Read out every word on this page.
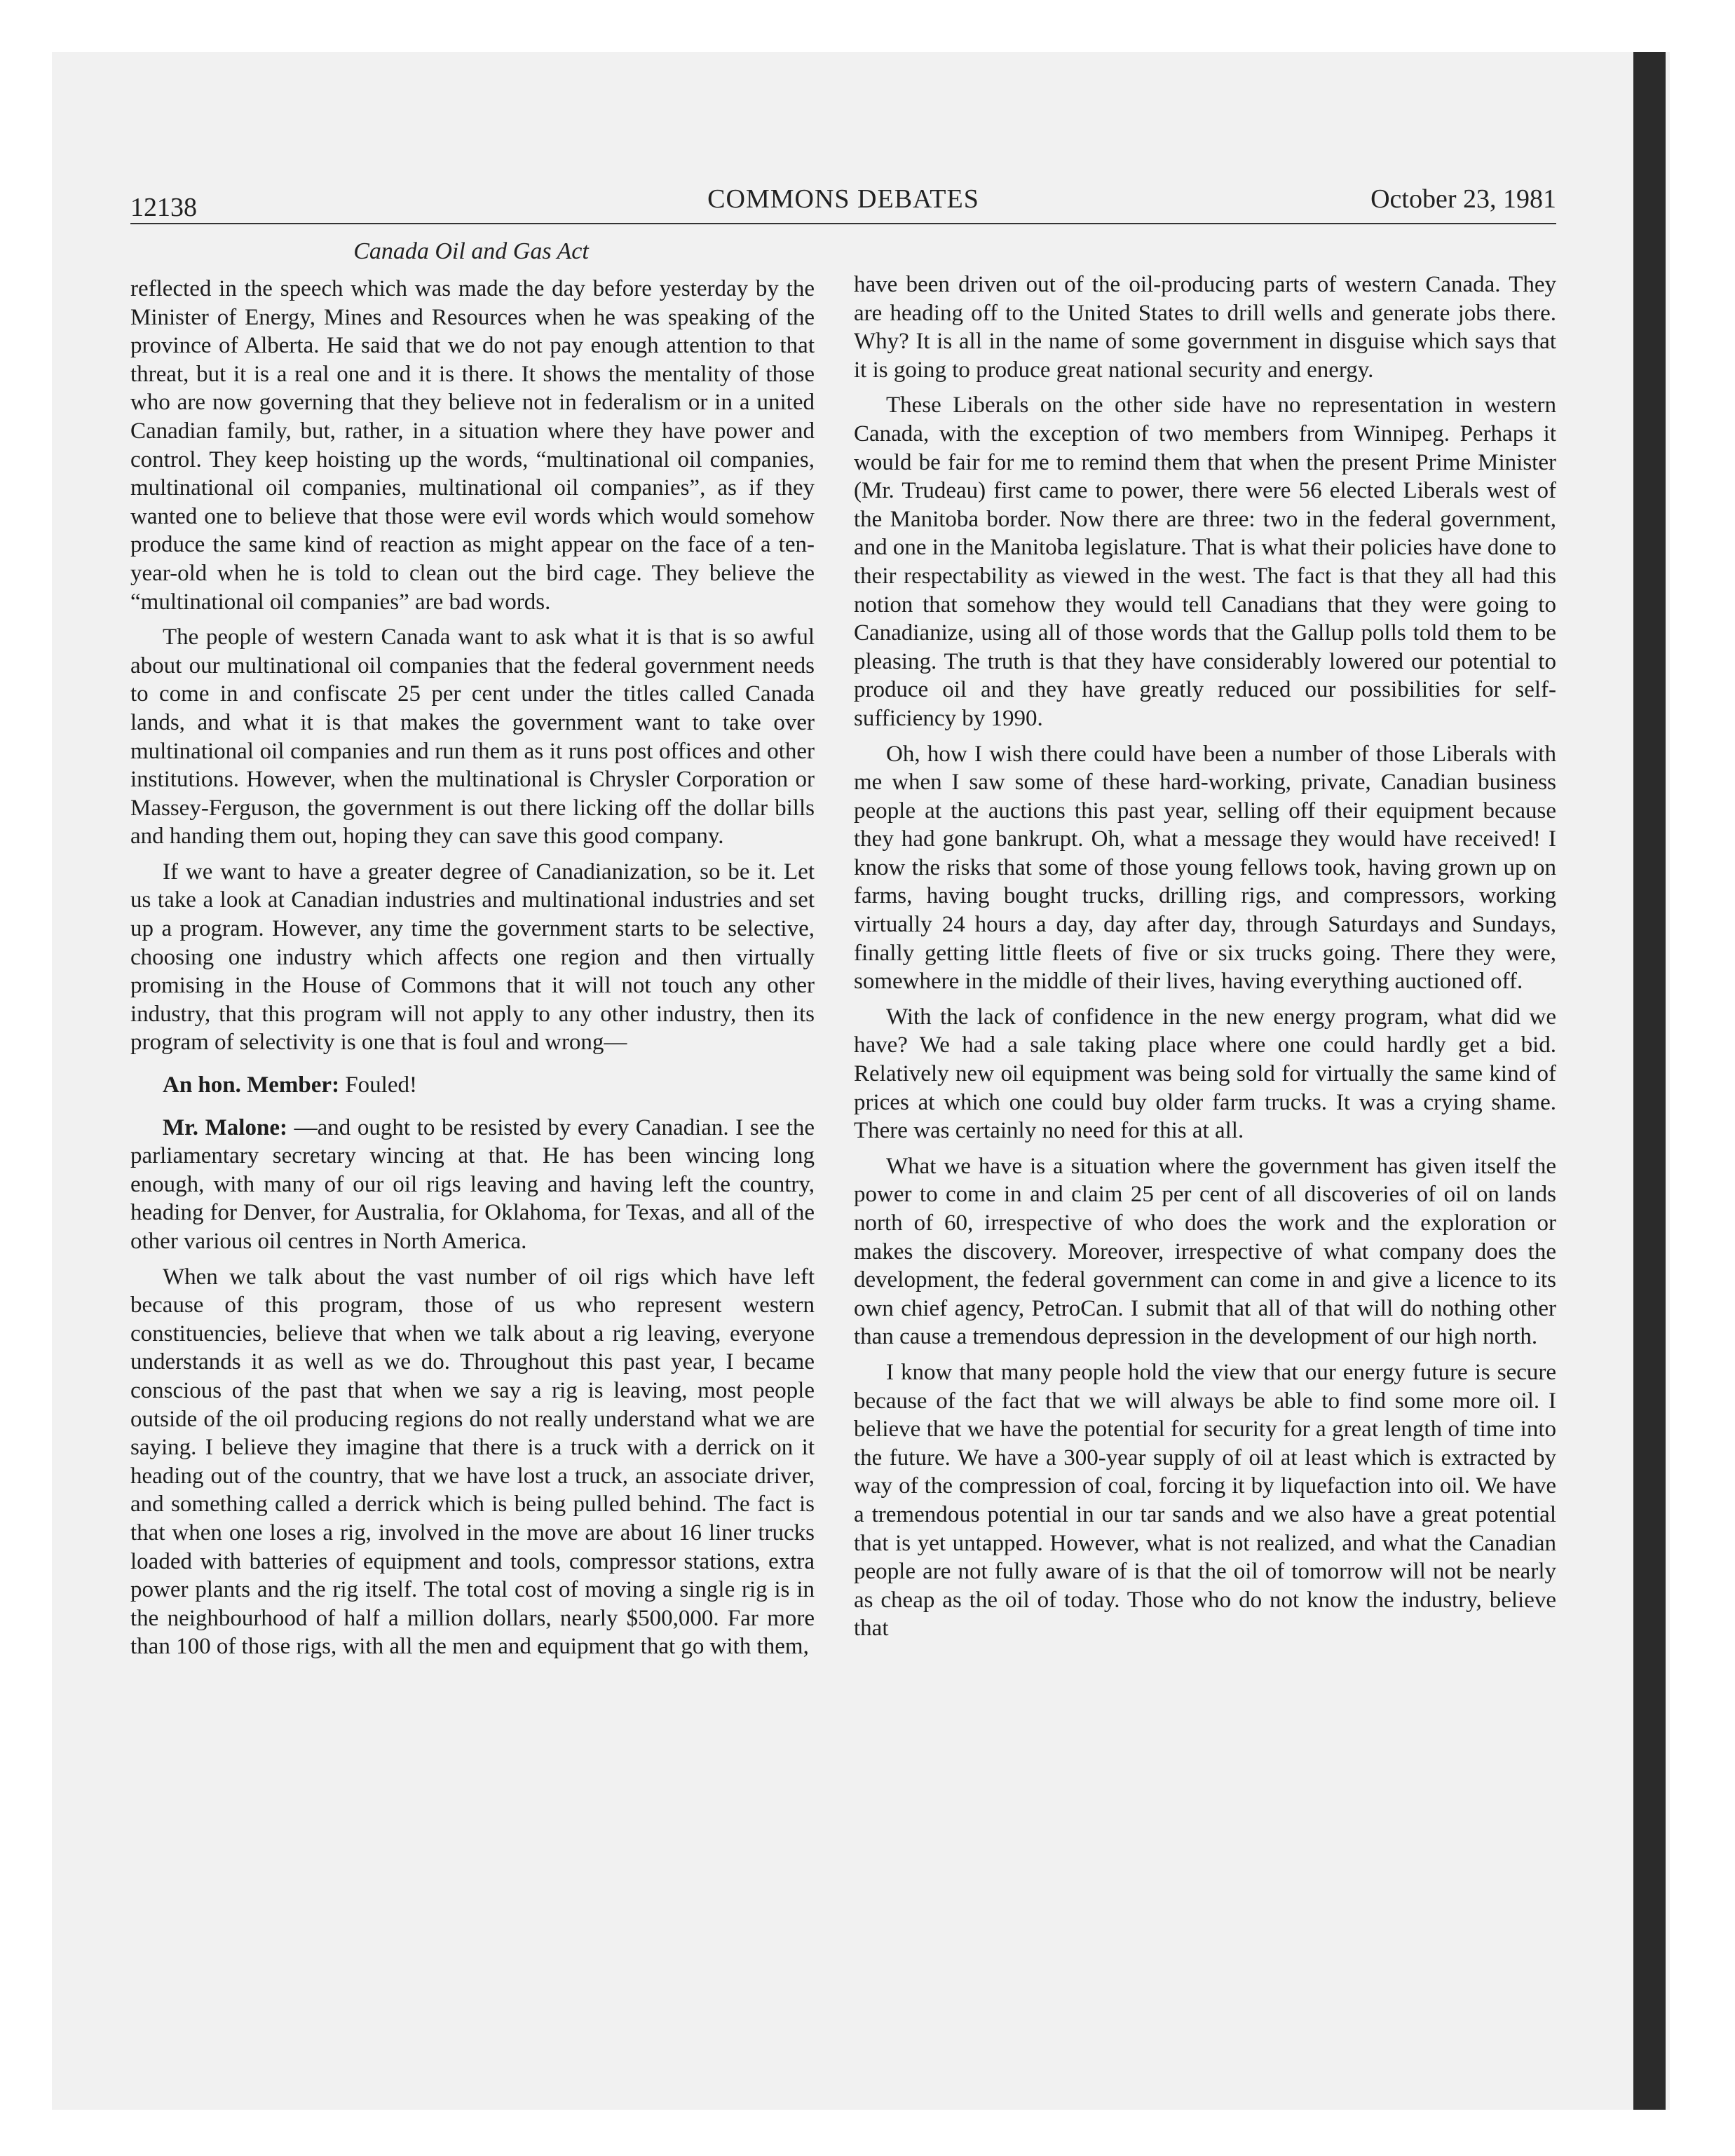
12138	COMMONS DEBATES	October 23, 1981
Canada Oil and Gas Act

reflected in the speech which was made the day before yesterday by the Minister of Energy, Mines and Resources when he was speaking of the province of Alberta. He said that we do not pay enough attention to that threat, but it is a real one and it is there. It shows the mentality of those who are now governing that they believe not in federalism or in a united Canadian family, but, rather, in a situation where they have power and control. They keep hoisting up the words, “multinational oil companies, multinational oil companies, multinational oil companies”, as if they wanted one to believe that those were evil words which would somehow produce the same kind of reaction as might appear on the face of a ten-year-old when he is told to clean out the bird cage. They believe the “multinational oil companies” are bad words.

The people of western Canada want to ask what it is that is so awful about our multinational oil companies that the federal government needs to come in and confiscate 25 per cent under the titles called Canada lands, and what it is that makes the government want to take over multinational oil companies and run them as it runs post offices and other institutions. However, when the multinational is Chrysler Corporation or Massey-Ferguson, the government is out there licking off the dollar bills and handing them out, hoping they can save this good company.

If we want to have a greater degree of Canadianization, so be it. Let us take a look at Canadian industries and multinational industries and set up a program. However, any time the government starts to be selective, choosing one industry which affects one region and then virtually promising in the House of Commons that it will not touch any other industry, that this program will not apply to any other industry, then its program of selectivity is one that is foul and wrong—

An hon. Member: Fouled!

Mr. Malone: —and ought to be resisted by every Canadian. I see the parliamentary secretary wincing at that. He has been wincing long enough, with many of our oil rigs leaving and having left the country, heading for Denver, for Australia, for Oklahoma, for Texas, and all of the other various oil centres in North America.

When we talk about the vast number of oil rigs which have left because of this program, those of us who represent western constituencies, believe that when we talk about a rig leaving, everyone understands it as well as we do. Throughout this past year, I became conscious of the past that when we say a rig is leaving, most people outside of the oil producing regions do not really understand what we are saying. I believe they imagine that there is a truck with a derrick on it heading out of the country, that we have lost a truck, an associate driver, and something called a derrick which is being pulled behind. The fact is that when one loses a rig, involved in the move are about 16 liner trucks loaded with batteries of equipment and tools, compressor stations, extra power plants and the rig itself. The total cost of moving a single rig is in the neighbourhood of half a million dollars, nearly $500,000. Far more than 100 of those rigs, with all the men and equipment that go with them,

have been driven out of the oil-producing parts of western Canada. They are heading off to the United States to drill wells and generate jobs there. Why? It is all in the name of some government in disguise which says that it is going to produce great national security and energy.

These Liberals on the other side have no representation in western Canada, with the exception of two members from Winnipeg. Perhaps it would be fair for me to remind them that when the present Prime Minister (Mr. Trudeau) first came to power, there were 56 elected Liberals west of the Manitoba border. Now there are three: two in the federal government, and one in the Manitoba legislature. That is what their policies have done to their respectability as viewed in the west. The fact is that they all had this notion that somehow they would tell Canadians that they were going to Canadianize, using all of those words that the Gallup polls told them to be pleasing. The truth is that they have considerably lowered our potential to produce oil and they have greatly reduced our possibilities for self-sufficiency by 1990.

Oh, how I wish there could have been a number of those Liberals with me when I saw some of these hard-working, private, Canadian business people at the auctions this past year, selling off their equipment because they had gone bankrupt. Oh, what a message they would have received! I know the risks that some of those young fellows took, having grown up on farms, having bought trucks, drilling rigs, and compressors, working virtually 24 hours a day, day after day, through Saturdays and Sundays, finally getting little fleets of five or six trucks going. There they were, somewhere in the middle of their lives, having everything auctioned off.

With the lack of confidence in the new energy program, what did we have? We had a sale taking place where one could hardly get a bid. Relatively new oil equipment was being sold for virtually the same kind of prices at which one could buy older farm trucks. It was a crying shame. There was certainly no need for this at all.

What we have is a situation where the government has given itself the power to come in and claim 25 per cent of all discoveries of oil on lands north of 60, irrespective of who does the work and the exploration or makes the discovery. Moreover, irrespective of what company does the development, the federal government can come in and give a licence to its own chief agency, PetroCan. I submit that all of that will do nothing other than cause a tremendous depression in the development of our high north.

I know that many people hold the view that our energy future is secure because of the fact that we will always be able to find some more oil. I believe that we have the potential for security for a great length of time into the future. We have a 300-year supply of oil at least which is extracted by way of the compression of coal, forcing it by liquefaction into oil. We have a tremendous potential in our tar sands and we also have a great potential that is yet untapped. However, what is not realized, and what the Canadian people are not fully aware of is that the oil of tomorrow will not be nearly as cheap as the oil of today. Those who do not know the industry, believe that
